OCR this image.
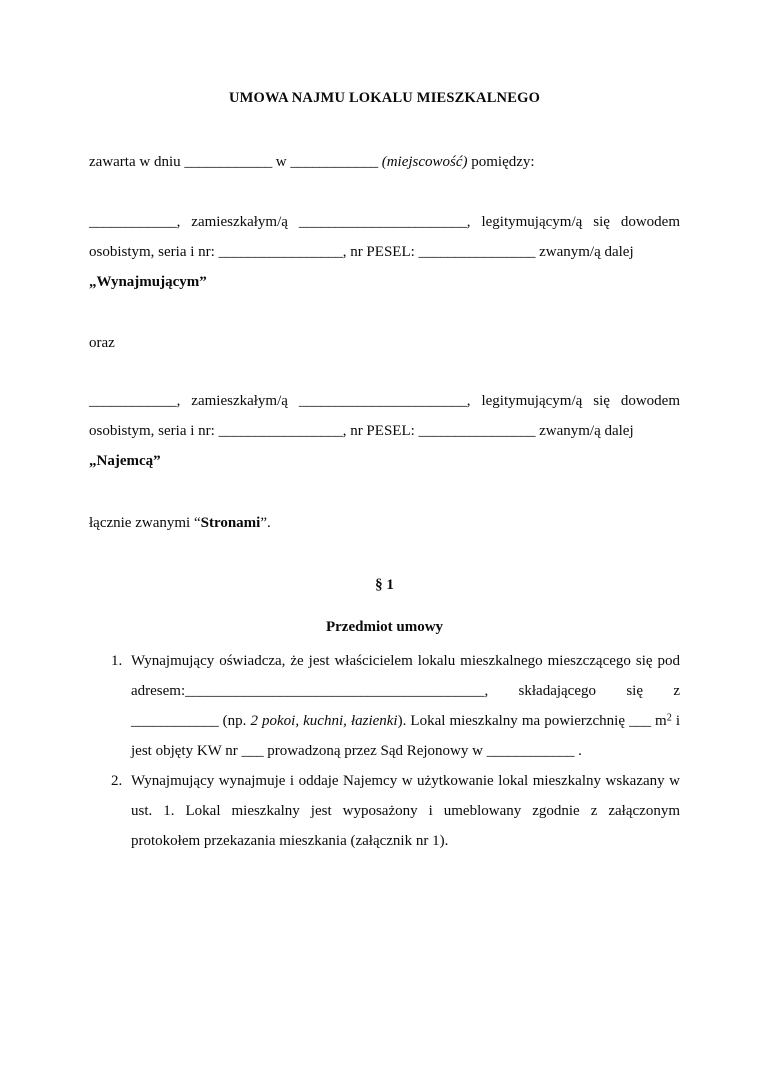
UMOWA NAJMU LOKALU MIESZKALNEGO

zawarta w dniu ____________ w ____________ (miejscowość) pomiędzy:

____________, zamieszkałym/ą _______________________, legitymującym/ą się dowodem osobistym, seria i nr: _________________, nr PESEL: ________________ zwanym/ą dalej

„Wynajmującym”

oraz

____________, zamieszkałym/ą _______________________, legitymującym/ą się dowodem osobistym, seria i nr: _________________, nr PESEL: ________________ zwanym/ą dalej

„Najemcą”

łącznie zwanymi “Stronami”.

§ 1

Przedmiot umowy

1. Wynajmujący oświadcza, że jest właścicielem lokalu mieszkalnego mieszczącego się pod adresem:_________________________________________, składającego się z ____________ (np. 2 pokoi, kuchni, łazienki). Lokal mieszkalny ma powierzchnię ___ $m^2$ i jest objęty KW nr ___ prowadzoną przez Sąd Rejonowy w ____________ .
2. Wynajmujący wynajmuje i oddaje Najemcy w użytkowanie lokal mieszkalny wskazany w ust. 1. Lokal mieszkalny jest wyposażony i umeblowany zgodnie z załączonym protokołem przekazania mieszkania (załącznik nr 1).
